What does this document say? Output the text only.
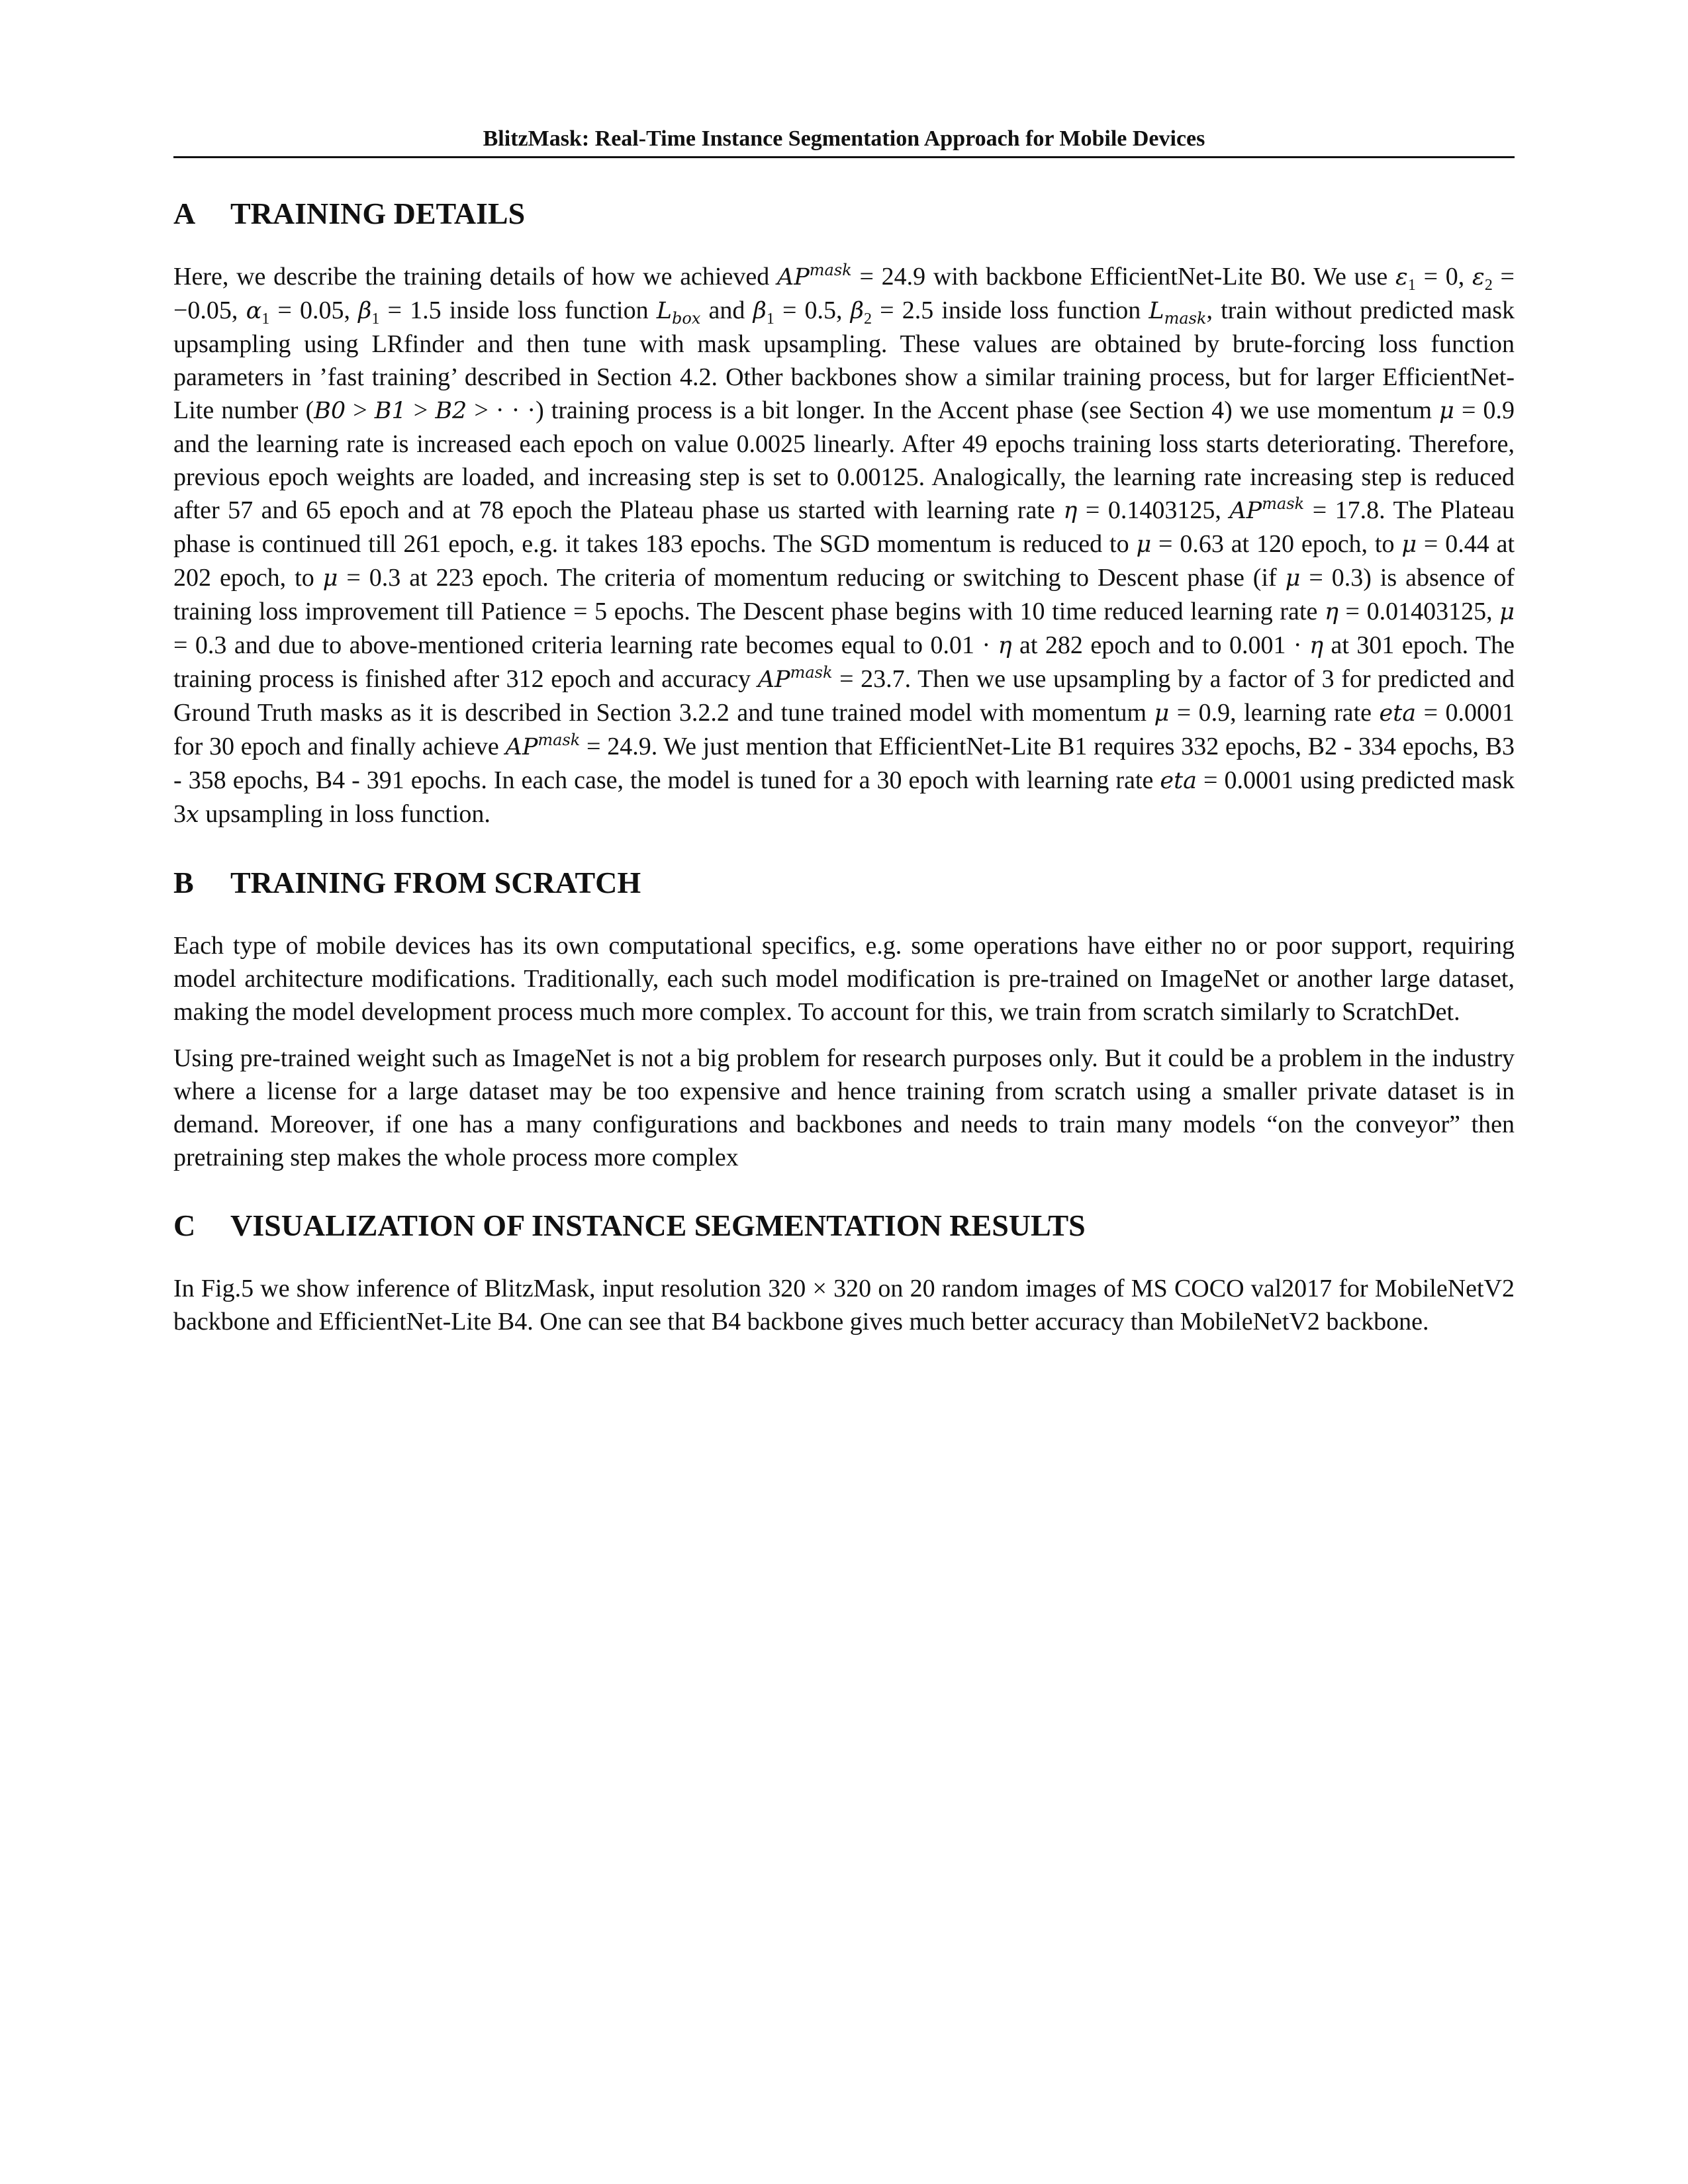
BlitzMask: Real-Time Instance Segmentation Approach for Mobile Devices
A	TRAINING DETAILS

Here, we describe the training details of how we achieved $AP^{mask} = 24.9$ with backbone EfficientNet-Lite B0. We use $\varepsilon_1 = 0$, $\varepsilon_2 = -0.05$, $\alpha_1 = 0.05$, $\beta_1 = 1.5$ inside loss function $L_{box}$ and $\beta_1 = 0.5$, $\beta_2 = 2.5$ inside loss function $L_{mask}$, train without predicted mask upsampling using LRfinder and then tune with mask upsampling. These values are obtained by brute-forcing loss function parameters in ’fast training’ described in Section 4.2. Other backbones show a similar training process, but for larger EfficientNet-Lite number (B0 > B1 > B2 > · · ·) training process is a bit longer. In the Accent phase (see Section 4) we use momentum μ = 0.9 and the learning rate is increased each epoch on value 0.0025 linearly. After 49 epochs training loss starts deteriorating. Therefore, previous epoch weights are loaded, and increasing step is set to 0.00125. Analogically, the learning rate increasing step is reduced after 57 and 65 epoch and at 78 epoch the Plateau phase us started with learning rate η = 0.1403125, $AP^{mask} = 17.8$. The Plateau phase is continued till 261 epoch, e.g. it takes 183 epochs. The SGD momentum is reduced to μ = 0.63 at 120 epoch, to μ = 0.44 at 202 epoch, to μ = 0.3 at 223 epoch. The criteria of momentum reducing or switching to Descent phase (if μ = 0.3) is absence of training loss improvement till Patience = 5 epochs. The Descent phase begins with 10 time reduced learning rate η = 0.01403125, μ = 0.3 and due to above-mentioned criteria learning rate becomes equal to 0.01 · η at 282 epoch and to 0.001 · η at 301 epoch. The training process is finished after 312 epoch and accuracy $AP^{mask} = 23.7$. Then we use upsampling by a factor of 3 for predicted and Ground Truth masks as it is described in Section 3.2.2 and tune trained model with momentum μ = 0.9, learning rate eta = 0.0001 for 30 epoch and finally achieve $AP^{mask} = 24.9$. We just mention that EfficientNet-Lite B1 requires 332 epochs, B2 - 334 epochs, B3 - 358 epochs, B4 - 391 epochs. In each case, the model is tuned for a 30 epoch with learning rate eta = 0.0001 using predicted mask 3x upsampling in loss function.

B	TRAINING FROM SCRATCH

Each type of mobile devices has its own computational specifics, e.g. some operations have either no or poor support, requiring model architecture modifications. Traditionally, each such model modification is pre-trained on ImageNet or another large dataset, making the model development process much more complex. To account for this, we train from scratch similarly to ScratchDet.

Using pre-trained weight such as ImageNet is not a big problem for research purposes only. But it could be a problem in the industry where a license for a large dataset may be too expensive and hence training from scratch using a smaller private dataset is in demand. Moreover, if one has a many configurations and backbones and needs to train many models “on the conveyor” then pretraining step makes the whole process more complex

C	VISUALIZATION OF INSTANCE SEGMENTATION RESULTS

In Fig.5 we show inference of BlitzMask, input resolution 320 × 320 on 20 random images of MS COCO val2017 for MobileNetV2 backbone and EfficientNet-Lite B4. One can see that B4 backbone gives much better accuracy than MobileNetV2 backbone.
